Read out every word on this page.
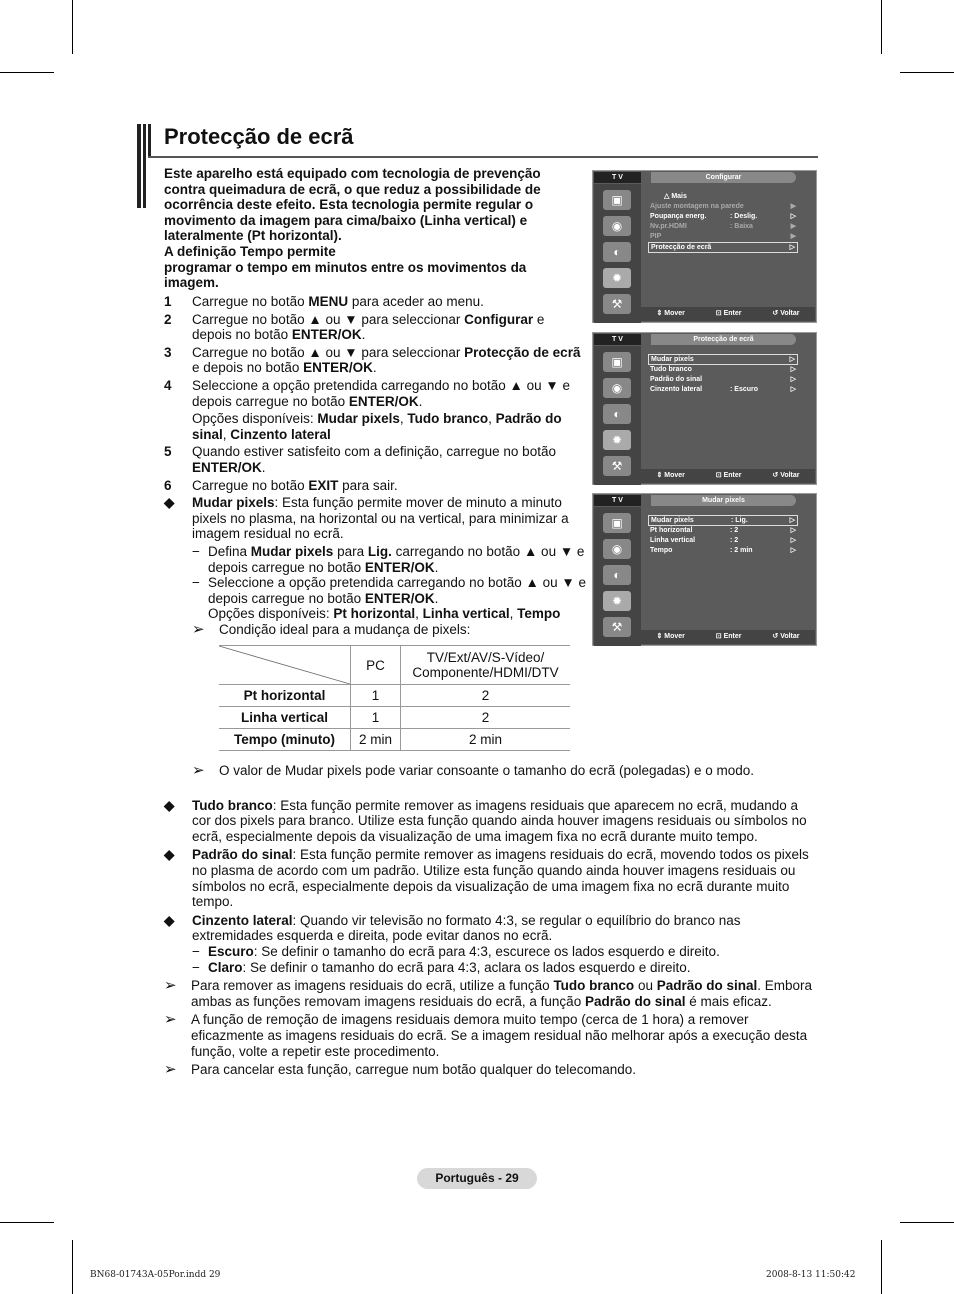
Protecção de ecrã

Este aparelho está equipado com tecnologia de prevenção contra queimadura de ecrã, o que reduz a possibilidade de ocorrência deste efeito. Esta tecnologia permite regular o movimento da imagem para cima/baixo (Linha vertical) e lateralmente (Pt horizontal).

A definição Tempo permite

programar o tempo em minutos entre os movimentos da imagem.

1	Carregue no botão MENU para aceder ao menu.
2	Carregue no botão ▲ ou ▼ para seleccionar Configurar e depois no botão ENTER/OK.
3	Carregue no botão ▲ ou ▼ para seleccionar Protecção de ecrã e depois no botão ENTER/OK.
4	Seleccione a opção pretendida carregando no botão ▲ ou ▼ e depois carregue no botão ENTER/OK.
Opções disponíveis: Mudar pixels, Tudo branco, Padrão do sinal, Cinzento lateral
5	Quando estiver satisfeito com a definição, carregue no botão ENTER/OK.
6	Carregue no botão EXIT para sair.
◆	Mudar pixels: Esta função permite mover de minuto a minuto pixels no plasma, na horizontal ou na vertical, para minimizar a imagem residual no ecrã.
− Defina Mudar pixels para Lig. carregando no botão ▲ ou ▼ e depois carregue no botão ENTER/OK.
− Seleccione a opção pretendida carregando no botão ▲ ou ▼ e depois carregue no botão ENTER/OK.
Opções disponíveis: Pt horizontal, Linha vertical, Tempo
➢	Condição ideal para a mudança de pixels:
	PC	TV/Ext/AV/S-Vídeo/
Componente/HDMI/DTV
Pt horizontal	1	2
Linha vertical	1	2
Tempo (minuto)	2 min	2 min
➢	O valor de Mudar pixels pode variar consoante o tamanho do ecrã (polegadas) e o modo.
◆	Tudo branco: Esta função permite remover as imagens residuais que aparecem no ecrã, mudando a cor dos pixels para branco. Utilize esta função quando ainda houver imagens residuais ou símbolos no ecrã, especialmente depois da visualização de uma imagem fixa no ecrã durante muito tempo.
◆	Padrão do sinal: Esta função permite remover as imagens residuais do ecrã, movendo todos os pixels no plasma de acordo com um padrão. Utilize esta função quando ainda houver imagens residuais ou símbolos no ecrã, especialmente depois da visualização de uma imagem fixa no ecrã durante muito tempo.
◆	Cinzento lateral: Quando vir televisão no formato 4:3, se regular o equilíbrio do branco nas extremidades esquerda e direita, pode evitar danos no ecrã.
− Escuro: Se definir o tamanho do ecrã para 4:3, escurece os lados esquerdo e direito.
− Claro: Se definir o tamanho do ecrã para 4:3, aclara os lados esquerdo e direito.
➢	Para remover as imagens residuais do ecrã, utilize a função Tudo branco ou Padrão do sinal. Embora ambas as funções removam imagens residuais do ecrã, a função Padrão do sinal é mais eficaz.
➢	A função de remoção de imagens residuais demora muito tempo (cerca de 1 hora) a remover eficazmente as imagens residuais do ecrã. Se a imagem residual não melhorar após a execução desta função, volte a repetir este procedimento.
➢	Para cancelar esta função, carregue num botão qualquer do telecomando.
T V	Configurar
▣
◉
◐
✹
⚒
△ Mais
Ajuste montagem na parede	▶
Poupança energ.	: Deslig.	▷
Nv.pr.HDMI	: Baixa	▶
PIP	▶
Protecção de ecrã	▷
⇕ Mover	⊡ Enter	↺ Voltar
T V	Protecção de ecrã
▣
◉
◐
✹
⚒
Mudar pixels	▷
Tudo branco	▷
Padrão do sinal	▷
Cinzento lateral	: Escuro	▷
⇕ Mover	⊡ Enter	↺ Voltar
T V	Mudar pixels
▣
◉
◐
✹
⚒
Mudar pixels	: Lig.	▷
Pt horizontal	: 2	▷
Linha vertical	: 2	▷
Tempo	: 2 min	▷
⇕ Mover	⊡ Enter	↺ Voltar
Português - 29
BN68-01743A-05Por.indd 29	2008-8-13 11:50:42
